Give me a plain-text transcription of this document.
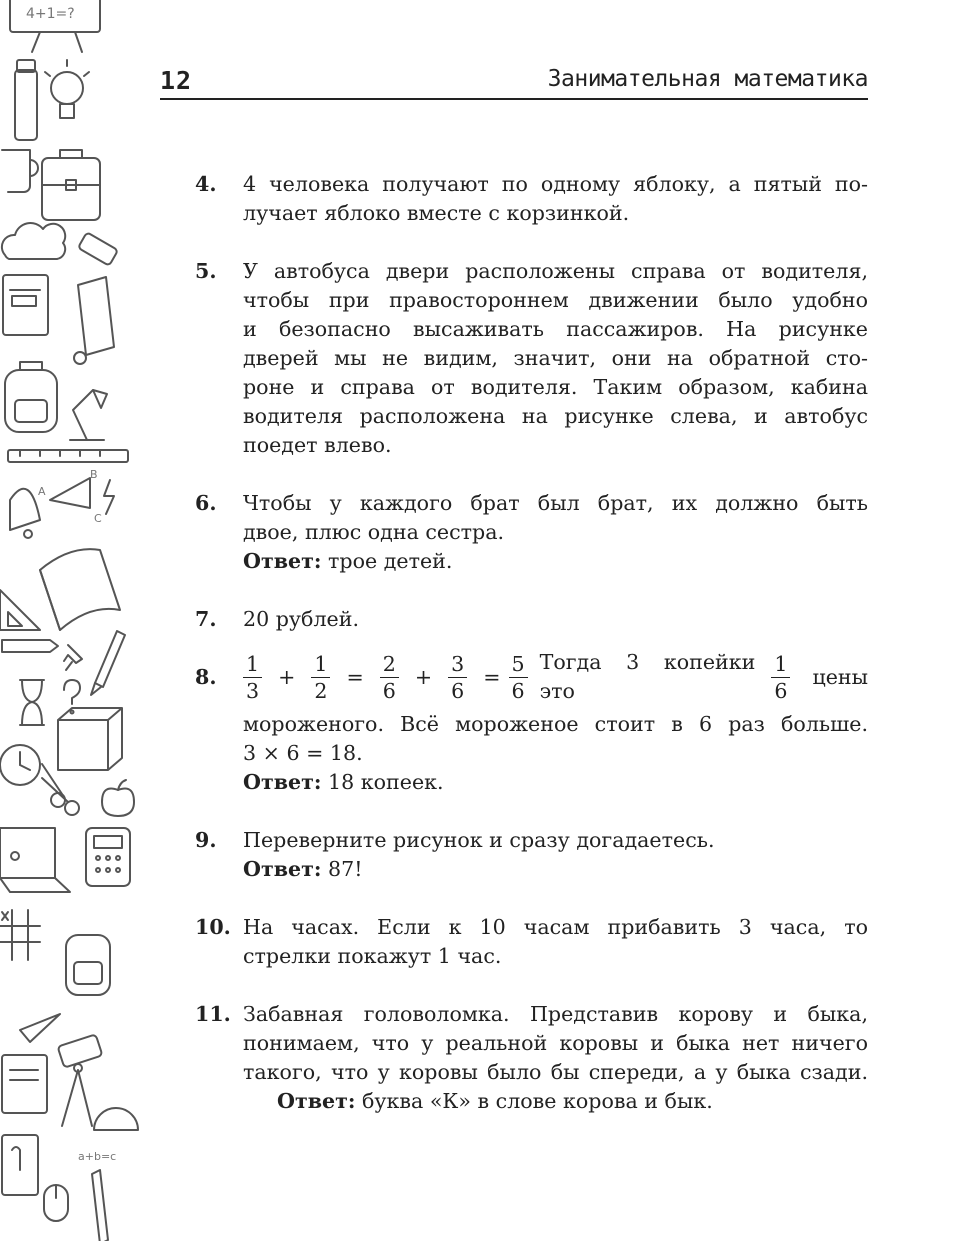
4+1=?
A
B
C
a+b=c
12	Занимательная математика
4.	4 человека получают по одному яблоку, а пятый по-
лучает яблоко вместе с корзинкой.
5.	У автобуса двери расположены справа от водителя,
чтобы при правостороннем движении было удобно
и безопасно высаживать пассажиров. На рисунке
дверей мы не видим, значит, они на обратной сто-
роне и справа от водителя. Таким образом, кабина
водителя расположена на рисунке слева, и автобус
поедет влево.
6.	Чтобы у каждого брат был брат, их должно быть
двое, плюс одна сестра.
Ответ: трое детей.
7.	20 рублей.
8.	$\frac{1}{3} + \frac{1}{2} = \frac{2}{6} + \frac{3}{6} = \frac{5}{6}$ Тогда 3 копейки это	$\frac{1}{6}$ цены
мороженого. Всё мороженое стоит в 6 раз больше.
3 × 6 = 18.
Ответ: 18 копеек.
9.	Переверните рисунок и сразу догадаетесь.
Ответ: 87!
10. На часах. Если к 10 часам прибавить 3 часа, то
стрелки покажут 1 час.
11. Забавная головоломка. Представив корову и быка,
понимаем, что у реальной коровы и быка нет ничего
такого, что у коровы было бы спереди, а у быка сзади.
Ответ: буква «К» в слове корова и бык.
